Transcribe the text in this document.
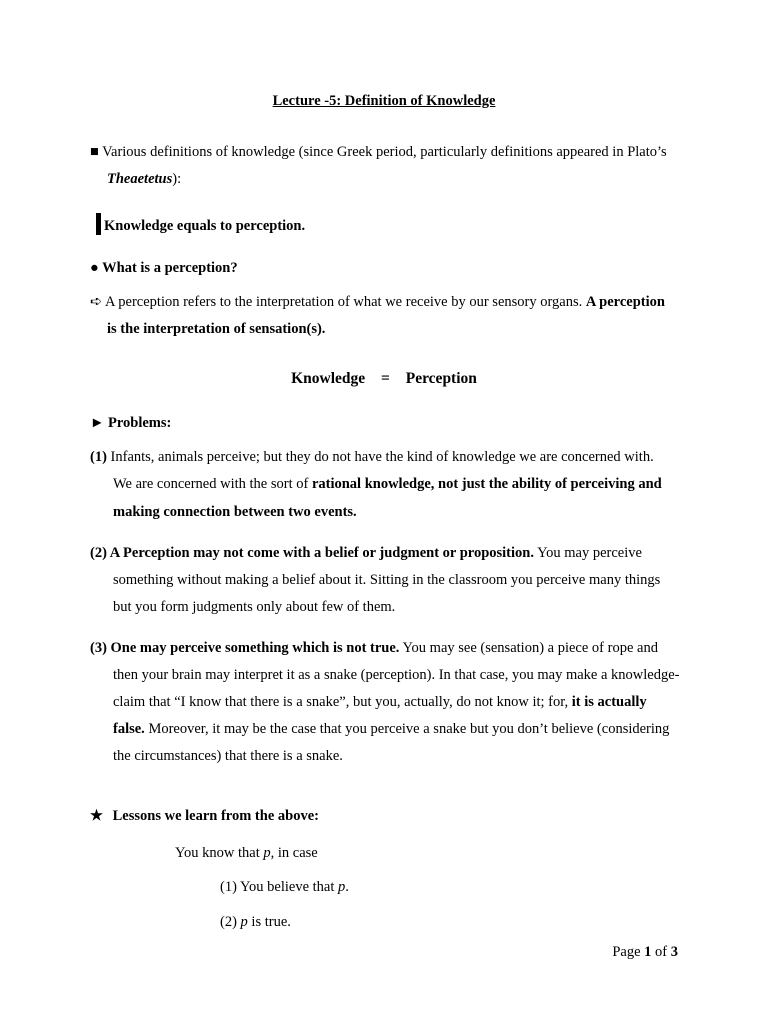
Lecture -5: Definition of Knowledge
■ Various definitions of knowledge (since Greek period, particularly definitions appeared in Plato’s
Theaetetus):
Knowledge equals to perception.
● What is a perception?
➪ A perception refers to the interpretation of what we receive by our sensory organs. A perception
is the interpretation of sensation(s).
Knowledge = Perception
► Problems:
(1) Infants, animals perceive; but they do not have the kind of knowledge we are concerned with.
We are concerned with the sort of rational knowledge, not just the ability of perceiving and
making connection between two events.
(2) A Perception may not come with a belief or judgment or proposition. You may perceive
something without making a belief about it. Sitting in the classroom you perceive many things
but you form judgments only about few of them.
(3) One may perceive something which is not true. You may see (sensation) a piece of rope and
then your brain may interpret it as a snake (perception). In that case, you may make a knowledge-
claim that “I know that there is a snake”, but you, actually, do not know it; for, it is actually
false. Moreover, it may be the case that you perceive a snake but you don’t believe (considering
the circumstances) that there is a snake.
★ Lessons we learn from the above:
You know that p, in case
(1) You believe that p.
(2) p is true.
Page 1 of 3
